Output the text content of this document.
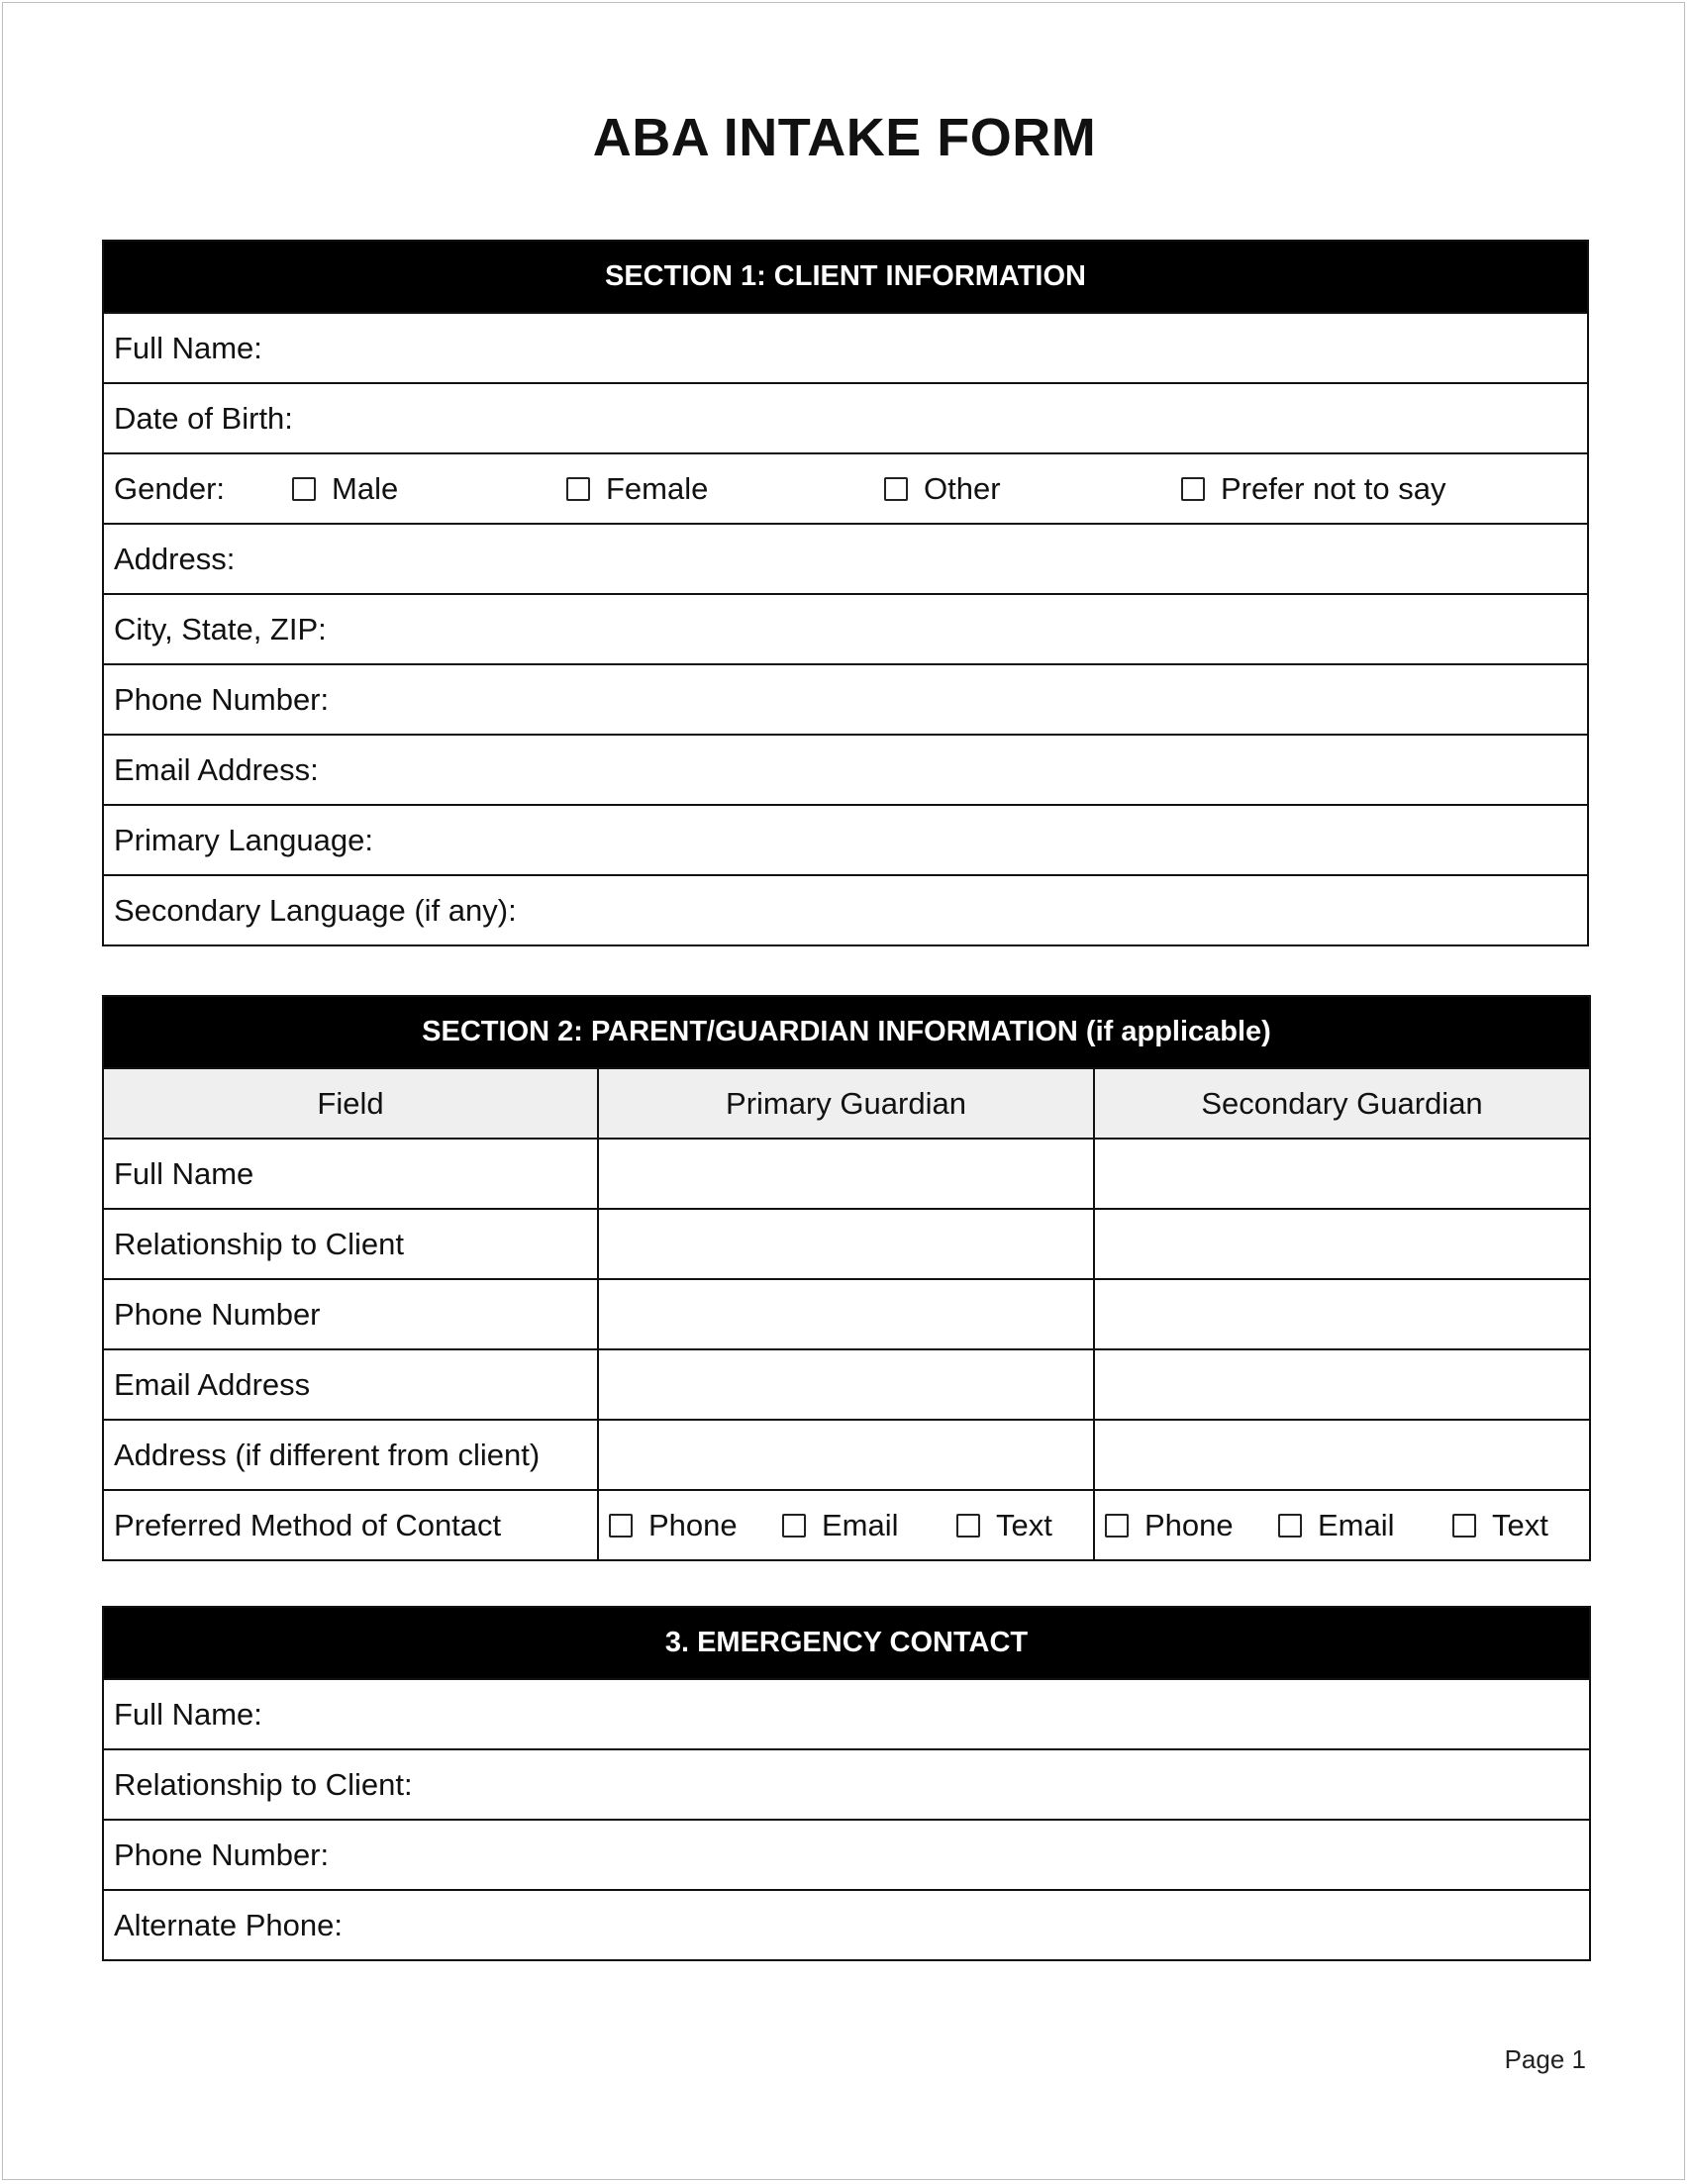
ABA INTAKE FORM
SECTION 1: CLIENT INFORMATION
Full Name:
Date of Birth:

Gender:	Male	Female	Other	Prefer not to say

Address:
City, State, ZIP:
Phone Number:
Email Address:
Primary Language:
Secondary Language (if any):
SECTION 2: PARENT/GUARDIAN INFORMATION (if applicable)		
Field	Primary Guardian	Secondary Guardian
Full Name		
Relationship to Client		
Phone Number		
Email Address		
Address (if different from client)		
Preferred Method of Contact	Phone Email Text	Phone Email Text
3. EMERGENCY CONTACT
Full Name:
Relationship to Client:
Phone Number:
Alternate Phone:
Page 1
